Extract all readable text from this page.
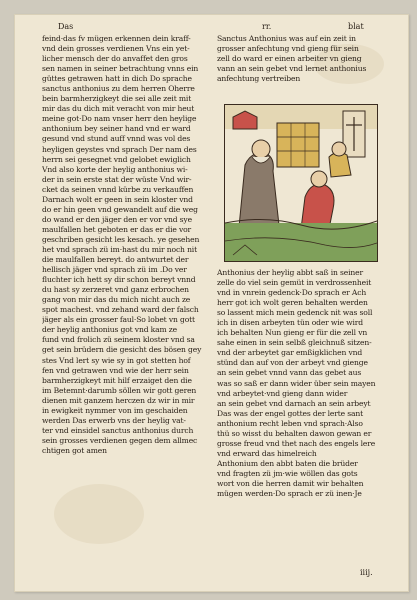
Das	rr.	blat
feind·das fv mügen erkennen dein kraff-
vnd dein grosses verdienen Vns ein yet-
licher mensch der do anvaffet den gros
sen namen in seiner betrachtung vnns ein
güttes getrawen hatt in dich Do sprache
sanctus anthonius zu dem herren Oherre
bein barmherzigkeyt die sei alle zeit mit
mir das du dich mit veracht von mir heut
meine got·Do nam vnser herr den heylige
anthonium bey seiner hand vnd er ward
gesund vnd stund auff vnnd was vol des
heyligen geystes vnd sprach Der nam des
herrn sei gesegnet vnd gelobet ewiglich
Vnd also korte der heylig anthonius wi-
der in sein erste stat der wüste Vnd wir-
cket da seinen vnnd kürbe zu verkauffen
Darnach wolt er geen in sein kloster vnd
do er hin geen vnd gewandelt auf die weg
do wand er den jäger den er vor vnd sye
maulfallen het geboten er das er die vor
geschriben gesicht les kesach. ye gesehen
het vnd sprach zü im·hast du mir noch nit
die maulfallen bereyt. do antwurtet der
hellisch jäger vnd sprach zü im .Do ver
fluchter ich hett sy dir schon bereyt vnnd
du hast sy zerzeret vnd ganz erbrochen
gang von mir das du mich nicht auch ze
spot machest. vnd zehand ward der falsch
jäger als ein grosser faul·So lobet vn gott
der heylig anthonius got vnd kam ze
fund vnd frolich zü seinem kloster vnd sa
get sein brüdern die gesicht des bösen gey
stes Vnd lert sy wie sy in got stetten hof
fen vnd getrawen vnd wie der herr sein
barmherzigkeyt mit hilf erzaiget den die
im Betemnt·darumb söllen wir gott geren
dienen mit ganzem herczen dz wir in mir
in ewigkeit nymmer von im geschaiden
werden Das erwerb vns der heylig vat-
ter vnd einsidel sanctus anthonius durch
sein grosses verdienen gegen dem allmec
chtigen got amen
Sanctus Anthonius was auf ein zeit in
grosser anfechtung vnd gieng für sein
zell do ward er einen arbeiter vn gieng
vann an sein gebet vnd lernet anthonius
anfechtung vertreiben
Anthonius der heylig abbt saß in seiner
zelle do viel sein gemüt in verdrossenheit
vnd in vnrein gedenck·Do sprach er Ach
herr got ich wolt geren behalten werden
so lassent mich mein gedenck nit was soll
ich in disen arbeyten tün oder wie wird
ich behalten Nun gieng er für die zell vn
sahe einen in sein selbß gleichnuß sitzen-
vnd der arbeytet gar emßigklichen vnd
stünd dan auf von der arbeyt vnd gienge
an sein gebet vnnd vann das gebet aus
was so saß er dann wider über sein mayen
vnd arbeytet·vnd gieng dann wider
an sein gebet vnd darnach an sein arbeyt
Das was der engel gottes der lerte sant
anthonium recht leben vnd sprach·Also
thü so wisst du behalten dawon gewan er
grosse freud vnd thet nach des engels lere
vnd erward das himelreich
Anthonium den abbt baten die brüder
vnd fragten zü jm·wie wöllen das gots
wort von die herren damit wir behalten
mügen werden·Do sprach er zü inen·Je
iiij.
